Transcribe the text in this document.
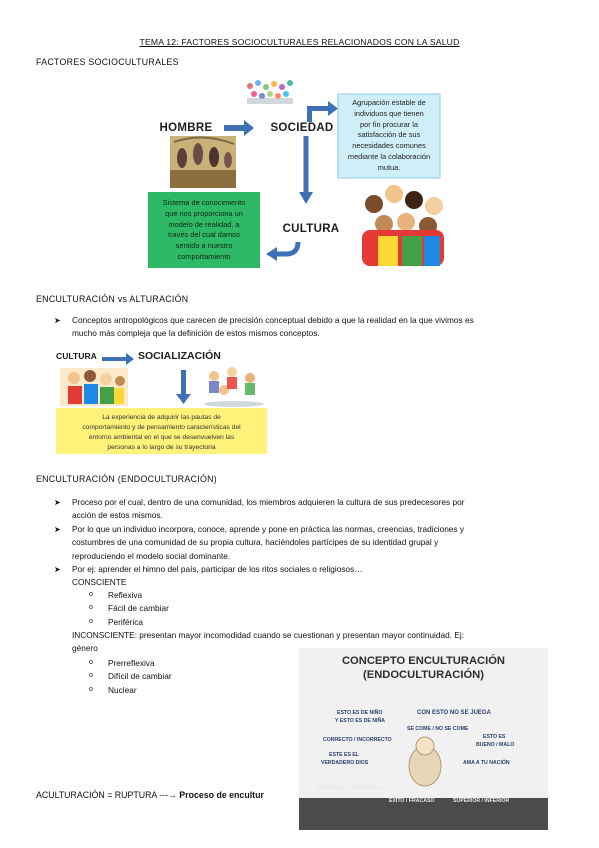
TEMA 12: FACTORES SOCIOCULTURALES RELACIONADOS CON LA SALUD
FACTORES SOCIOCULTURALES
HOMBRE	SOCIEDAD
CULTURA
Agrupación estable de
individuos que tienen
por fin procurar la
satisfacción de sus
necesidades comunes
mediante la colaboración
mutua.
Sistema de conocimiento
que nos proporciona un
modelo de realidad, a
través del cual damos
sentido a nuestro
comportamiento
ENCULTURACIÓN vs ALTURACIÓN
➤ Conceptos antropológicos que carecen de precisión conceptual debido a que la realidad en la que vivimos es
mucho más compleja que la definición de estos mismos conceptos.
CULTURA	SOCIALIZACIÓN
La experiencia de adquirir las pautas de
comportamiento y de pensamiento características del
entorno ambiental en el que se desenvuelven las
personas a lo largo de su trayectoria
ENCULTURACIÓN (ENDOCULTURACIÓN)
➤ Proceso por el cual, dentro de una comunidad, los miembros adquieren la cultura de sus predecesores por
acción de estos mismos.
➤ Por lo que un individuo incorpora, conoce, aprende y pone en práctica las normas, creencias, tradiciones y
costumbres de una comunidad de su propia cultura, haciéndoles partícipes de su identidad grupal y
reproduciendo el modelo social dominante.
➤ Por ej: aprender el himno del país, participar de los ritos sociales o religiosos…
CONSCIENTE
o Reflexiva
o Fácil de cambiar
o Periférica
INCONSCIENTE: presentan mayor incomodidad cuando se cuestionan y presentan mayor continuidad. Ej:
género
o Prerreflexiva
o Difícil de cambiar
o Nuclear
CONCEPTO ENCULTURACIÓN
(ENDOCULTURACIÓN)
ESTO ES DE NIÑO
Y ESTO ES DE NIÑA
CON ESTO NO SE JUEGA
SE COME / NO SE COME
CORRECTO / INCORRECTO	ESTO ES
BUENO / MALO
ESTE ES EL
VERDADERO DIOS	AMA A TU NACIÓN
DESEABLE / INDESEABLE
ÉXITO / FRACASO	SUPERIOR / INFERIOR
ACULTURACIÓN = RUPTURA ---→ Proceso de encultur
